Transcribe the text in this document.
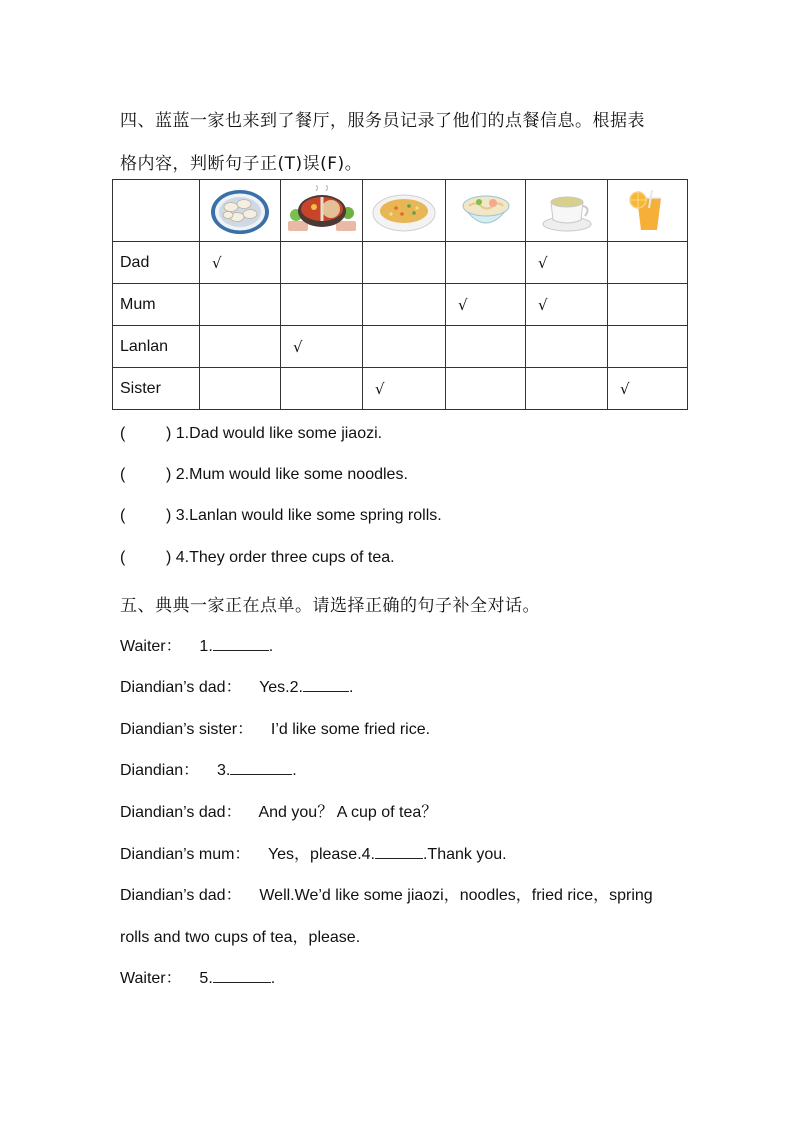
四、蓝蓝一家也来到了餐厅，服务员记录了他们的点餐信息。根据表
格内容，判断句子正(T)误(F)。

Dad	√				√	
Mum				√	√	
Lanlan		√				
Sister			√			√
(	) 1.Dad would like some jiaozi.
(	) 2.Mum would like some noodles.
(	) 3.Lanlan would like some spring rolls.
(	) 4.They order three cups of tea.
五、典典一家正在点单。请选择正确的句子补全对话。
Waiter： 1.	.
Diandian’s dad： Yes.2.	.
Diandian’s sister： I’d like some fried rice.
Diandian： 3.	.
Diandian’s dad： And you？ A cup of tea？
Diandian’s mum： Yes，please.4.	.Thank you.
Diandian’s dad： Well.We’d like some jiaozi，noodles，fried rice，spring
rolls and two cups of tea，please.
Waiter： 5.	.
